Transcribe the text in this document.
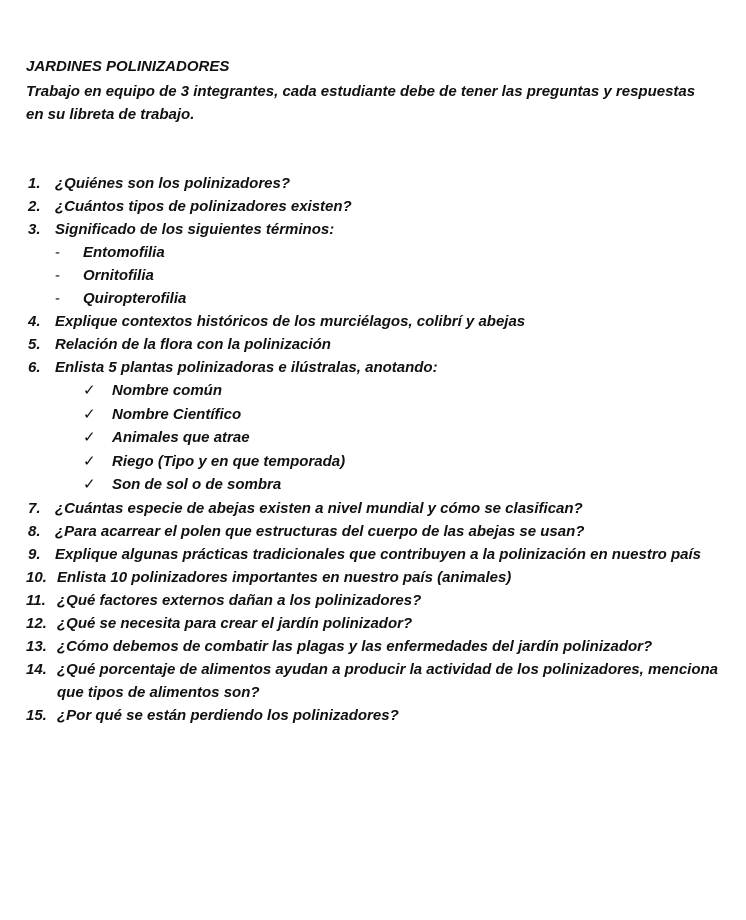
JARDINES POLINIZADORES
Trabajo en equipo de 3 integrantes, cada estudiante debe de tener las preguntas y respuestas en su libreta de trabajo.
1. ¿Quiénes son los polinizadores?
2. ¿Cuántos tipos de polinizadores existen?
3. Significado de los siguientes términos:
- Entomofilia
- Ornitofilia
- Quiropterofilia
4. Explique contextos históricos de los murciélagos, colibrí y abejas
5. Relación de la flora con la polinización
6. Enlista 5 plantas polinizadoras e ilústralas, anotando:
✓ Nombre común
✓ Nombre Científico
✓ Animales que atrae
✓ Riego (Tipo y en que temporada)
✓ Son de sol o de sombra
7. ¿Cuántas especie de abejas existen a nivel mundial y cómo se clasifican?
8. ¿Para acarrear el polen que estructuras del cuerpo de las abejas se usan?
9. Explique algunas prácticas tradicionales que contribuyen a la polinización en nuestro país
10. Enlista 10 polinizadores importantes en nuestro país (animales)
11. ¿Qué factores externos dañan a los polinizadores?
12. ¿Qué se necesita para crear el jardín polinizador?
13. ¿Cómo debemos de combatir las plagas y las enfermedades del jardín polinizador?
14. ¿Qué porcentaje de alimentos ayudan a producir la actividad de los polinizadores, menciona que tipos de alimentos son?
15. ¿Por qué se están perdiendo los polinizadores?
